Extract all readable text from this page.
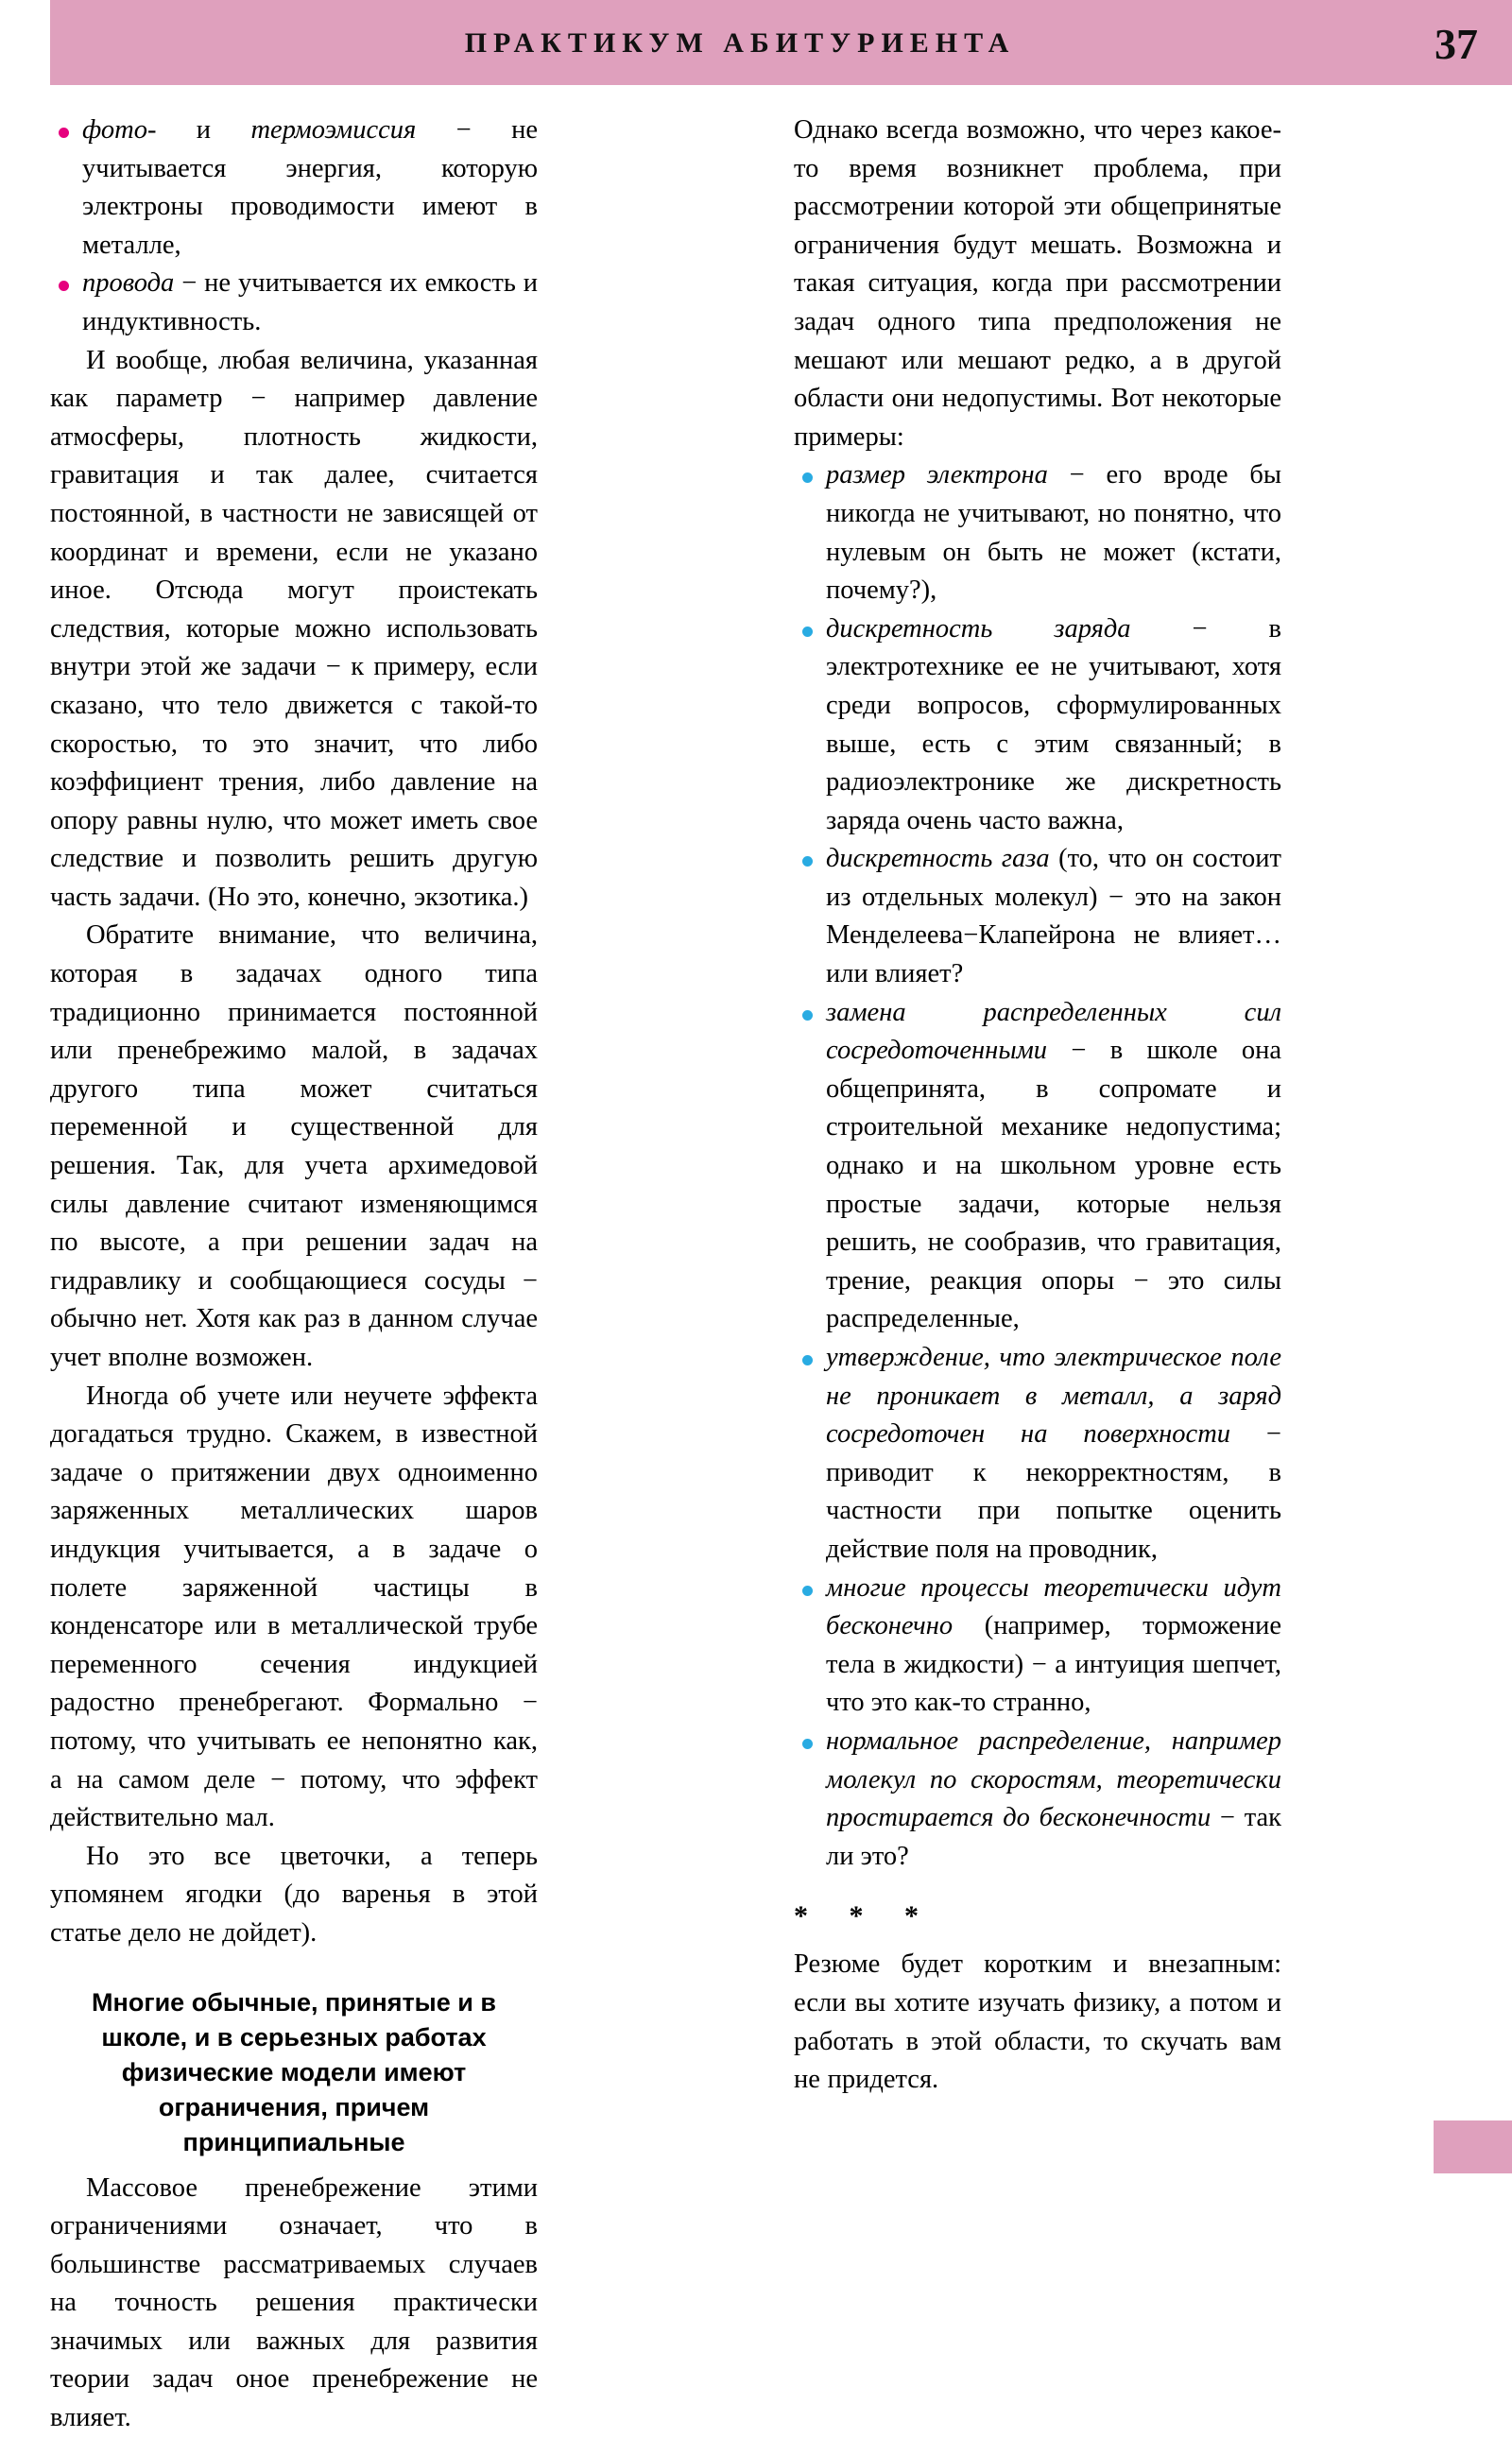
ПРАКТИКУМ АБИТУРИЕНТА	37
фото- и термоэмиссия − не учитывается энергия, которую электроны проводимости имеют в металле,
провода − не учитывается их емкость и индуктивность.

И вообще, любая величина, указанная как параметр − например давление атмосферы, плотность жидкости, гравитация и так далее, считается постоянной, в частности не зависящей от координат и времени, если не указано иное. Отсюда могут проистекать следствия, которые можно использовать внутри этой же задачи − к примеру, если сказано, что тело движется с такой-то скоростью, то это значит, что либо коэффициент трения, либо давление на опору равны нулю, что может иметь свое следствие и позволить решить другую часть задачи. (Но это, конечно, экзотика.)

Обратите внимание, что величина, которая в задачах одного типа традиционно принимается постоянной или пренебрежимо малой, в задачах другого типа может считаться переменной и существенной для решения. Так, для учета архимедовой силы давление считают изменяющимся по высоте, а при решении задач на гидравлику и сообщающиеся сосуды − обычно нет. Хотя как раз в данном случае учет вполне возможен.

Иногда об учете или неучете эффекта догадаться трудно. Скажем, в известной задаче о притяжении двух одноименно заряженных металлических шаров индукция учитывается, а в задаче о полете заряженной частицы в конденсаторе или в металлической трубе переменного сечения индукцией радостно пренебрегают. Формально − потому, что учитывать ее непонятно как, а на самом деле − потому, что эффект действительно мал.

Но это все цветочки, а теперь упомянем ягодки (до варенья в этой статье дело не дойдет).

Многие обычные, принятые и в школе, и в серьезных работах физические модели имеют ограничения, причем принципиальные

Массовое пренебрежение этими ограничениями означает, что в большинстве рассматриваемых случаев на точность решения практически значимых или важных для развития теории задач оное пренебрежение не влияет.

Однако всегда возможно, что через какое-то время возникнет проблема, при рассмотрении которой эти общепринятые ограничения будут мешать. Возможна и такая ситуация, когда при рассмотрении задач одного типа предположения не мешают или мешают редко, а в другой области они недопустимы. Вот некоторые примеры:

размер электрона − его вроде бы никогда не учитывают, но понятно, что нулевым он быть не может (кстати, почему?),
дискретность заряда − в электротехнике ее не учитывают, хотя среди вопросов, сформулированных выше, есть с этим связанный; в радиоэлектронике же дискретность заряда очень часто важна,
дискретность газа (то, что он состоит из отдельных молекул) − это на закон Менделеева−Клапейрона не влияет… или влияет?
замена распределенных сил сосредоточенными − в школе она общепринята, в сопромате и строительной механике недопустима; однако и на школьном уровне есть простые задачи, которые нельзя решить, не сообразив, что гравитация, трение, реакция опоры − это силы распределенные,
утверждение, что электрическое поле не проникает в металл, а заряд сосредоточен на поверхности − приводит к некорректностям, в частности при попытке оценить действие поля на проводник,
многие процессы теоретически идут бесконечно (например, торможение тела в жидкости) − а интуиция шепчет, что это как-то странно,
нормальное распределение, например молекул по скоростям, теоретически простирается до бесконечности − так ли это?
* * *

Резюме будет коротким и внезапным: если вы хотите изучать физику, а потом и работать в этой области, то скучать вам не придется.
